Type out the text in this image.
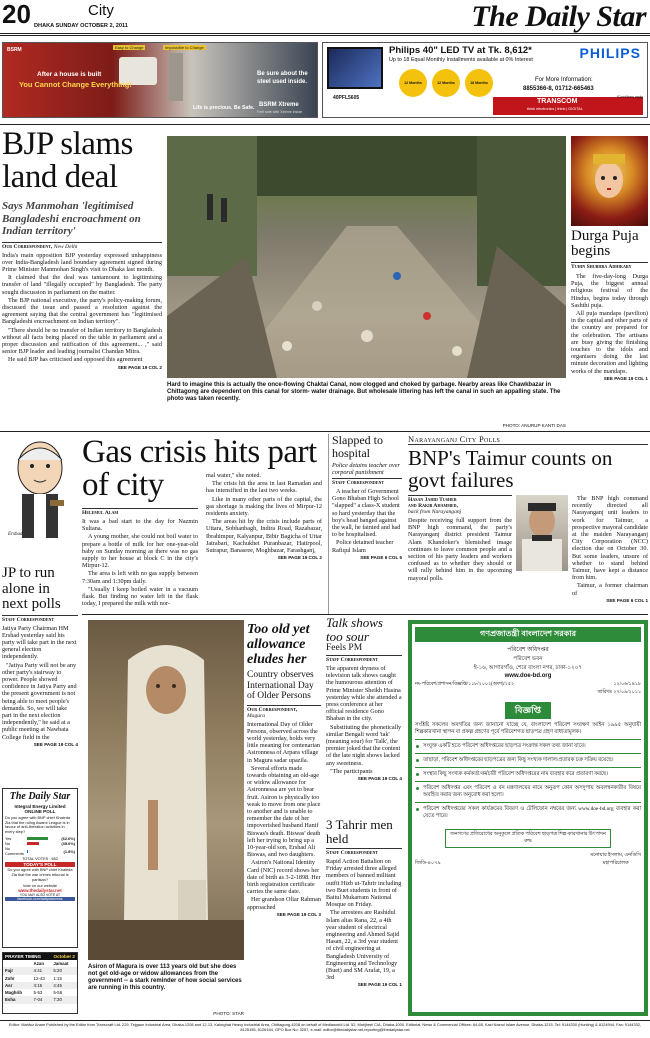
20	City
DHAKA SUNDAY OCTOBER 2, 2011	The Daily Star
BSRM	Easy to Change	Impossible to Change
After a house is built
You Cannot Change Everything!
Be sure about the
steel used inside.
Life is precious. Be Safe. BSRM Xtreme
Feel safe with Xtreme inside
Philips 40" LED TV at Tk. 8,612*
Up to 18 Equal Monthly Installments available at 0% Interest	PHILIPS
40PFL5605
12 Months	12 Months	18 Months	For More Information:
8855366-8, 01712-665463
TRANSCOM
think electronics | think | DIGITAL
*Conditions apply
BJP slams land deal
Says Manmohan 'legitimised Bangladeshi encroachment on Indian territory'
Our Correspondent, New Delhi

India's main opposition BJP yesterday expressed unhappiness over India-Bangladesh land boundary agreement signed during Prime Minister Manmohan Singh's visit to Dhaka last month.

It claimed that the deal was tantamount to legitimising transfer of land "illegally occupied" by Bangladesh. The party sought discussion in parliament on the matter.

The BJP national executive, the party's policy-making forum, discussed the issue and passed a resolution against the agreement saying that the central government has "legitimised Bangladeshi encroachment on Indian territory".

"There should be no transfer of Indian territory to Bangladesh without all facts being placed on the table in parliament and a proper discussion and ratification of this agreement... ," said senior BJP leader and leading journalist Chandan Mitra.

He said BJP has criticised and opposed this agreement

SEE PAGE 19 COL 2
Hard to imagine this is actually the once-flowing Chaktai Canal, now clogged and choked by garbage. Nearby areas like Chawkbazar in Chittagong are dependent on this canal for storm- water drainage. But wholesale littering has left the canal in such an appalling state. The photo was taken recently.
PHOTO: ANURUP KANTI DAS
Durga Puja begins
Tuhin Shubhra Adhikary

The five-day-long Durga Puja, the biggest annual religious festival of the Hindus, begins today through Sashthi puja.

All puja mandaps (pavilion) in the capital and other parts of the country are prepared for the celebration. The artisans are busy giving the finishing touches to the idols and organisers doing the last minute decoration and lighting works of the mandaps.

SEE PAGE 19 COL 1
Ershad
JP to run alone in next polls
Staff Correspondent

Jatiya Party Chairman HM Ershad yesterday said his party will take part in the next general election independently.

"Jatiya Party will not be any other party's stairway to power. People showed confidence in Jatiya Party and the present government is not being able to meet people's demands. So, we will take part in the next election independently," he said at a public meeting at Nawbata College field in the

SEE PAGE 19 COL 4
The Daily Star
Integral Energy Limited
ONLINE POLL
Do you agree with BNP chief Khaleda Zia that the ruling Awami League is in favour of anti-liberation activities in every step?
Yes	(62.6%)
No	(35.6%)
No Comments	(1.8%)
TOTAL VOTES : 652
TODAY'S POLL
Do you agree with BNP chief Khaleda Zia that the war crimes tribunal is partisan?
Vote on our website
www.thedailystar.net
YOU MAY ALSO VOTE AT
facebook.com/dailystarnews
PRAYER TIMING	October 2
	Azan	Jamaat
Fajr	4:41	5:20
Zohr	12-43	1:15
Asr	4:15	4:45
Maghrib	5-53	5-56
Esha	7-04	7:30
Gas crisis hits part of city
Helemul Alam

It was a bad start to the day for Nazmin Sultana.

A young mother, she could not boil water to prepare a bottle of milk for her one-year-old baby on Sunday morning as there was no gas supply to her house at block C in the city's Mirpur-12.

The area is left with no gas supply between 7:30am and 1:30pm daily.

"Usually I keep boiled water in a vacuum flask. But finding no water left in the flask today, I prepared the milk with nor-

mal water," she noted.

The crisis hit the area in last Ramadan and has intensified in the last two weeks.

Like in many other parts of the capital, the gas shortage is making the lives of Mirpur-12 residents anxiety.

The areas hit by the crisis include parts of Uttara, Sobhanbagh, Indira Road, Razabazar, Ibrahimpur, Kalyanpur, Bibir Bagicha of Uttar Jatrabari, Kachukhet Puranbazar, Hatirpool, Sutrapur, Banasree, Moghbazar, Farashganj,

SEE PAGE 19 COL 2
Slapped to hospital
Police detains teacher over corporal punishment
Staff Correspondent

A teacher of Government Gono Bhaban High School "slapped" a class-X student so hard yesterday that the boy's head banged against the wall, he fainted and had to be hospitalised.

Police detained teacher Rafiqul Islam

SEE PAGE 6 COL 5
Narayanganj City Polls
BNP's Taimur counts on govt failures
Hasan Jahid Tusher
and Rakib Ahammed,
back from Narayanganj
Despite receiving full support from the BNP high command, the party's Narayanganj district president Taimur Alam Khandoker's blemished image continues to leave common people and a section of his party leaders and workers confused as to whether they should or will rally behind him in the upcoming mayoral polls.

The BNP high command recently directed all Narayanganj unit leaders to work for Taimur, a prospective mayoral candidate at the maiden Narayanganj City Corporation (NCC) election due on October 30. But some leaders, unsure of whether to stand behind Taimur, have kept a distance from him.

Taimur, a former chairman of

SEE PAGE 6 COL 1
Asiron of Magura is over 113 years old but she does not get old-age or widow allowances from the government -- a stark reminder of how social services are running in this country.
PHOTO: STAR
Too old yet allowance eludes her
Country observes International Day of Older Persons
Our Correspondent,
Magura

International Day of Older Persons, observed across the world yesterday, holds very little meaning for centenarian Asironnesa of Arpara village in Magura sadar upazila.

Several efforts made towards obtaining an old-age or widow allowance for Asironnessa are yet to bear fruit. Asiron is physically too weak to move from one place to another and is unable to remember the date of her impoverished husband Hanif Biswas's death. Biswas' death left her trying to bring up a 10-year-old son, Ershad Ali Biswas, and two daughters.

Asiron's National Identity Card (NIC) record shows her date of birth as 3-2-1898. Her birth registration certificate carries the same date.

Her grandson Oliar Rahman approached

SEE PAGE 19 COL 3
Talk shows too sour
Feels PM
Staff Correspondent

The apparent dryness of television talk shows caught the humourous attention of Prime Minister Sheikh Hasina yesterday while she attended a press conference at her official residence Gono Bhaban in the city.

Substituting the phonetically similar Bengali word 'tak' (meaning sour) for 'Talk', the premier joked that the content of the late night shows lacked any sweetness.

"The participants

SEE PAGE 19 COL 4
3 Tahrir men held
Staff Correspondent

Rapid Action Battalion on Friday arrested three alleged members of banned militant outfit Hizb ut-Tahrir including two Buet students in front of Baitul Mukarram National Mosque on Friday.

The arrestees are Rashidul Islam alias Rana, 22, a 4th year student of electrical engineering and Ahmed Sajid Hasan, 22, a 3rd year student of civil engineering at Bangladesh University of Engineering and Technology (Buet) and SM Arafat, 19, a 3rd

SEE PAGE 19 COL 1
গণপ্রজাতন্ত্রী বাংলাদেশ সরকার
পরিবেশ অধিদপ্তর
পরিবেশ ভবন
ই-১৬, আগারগাঁও, শেরে বাংলা নগর, ঢাকা-১২০৭
www.doe-bd.org
নং-পরিবেশ/প্রশাসন/বিজ্ঞপ্তি/১১৮/২০০২(অংশ)/২৫২	১২/০৬/১৪১৮
তারিখঃ ২৭/০৯/২০১১
বিজ্ঞপ্তি
সংশ্লিষ্ট সকলের অবগতির জন্য জানানো যাচ্ছে যে, বাংলাদেশ পরিবেশ সংরক্ষণ আইন ১৯৯৫ অনুযায়ী শিল্পকারখানা স্থাপন বা প্রকল্প গ্রহণের পূর্বে পরিবেশগত ছাড়পত্র গ্রহণ বাধ্যতামূলক।
সংযুক্ত একটি হতে পরিবেশ অধিদপ্তরের ছাড়পত্র সংক্রান্ত সকল তথ্য জানা যাবে।
তাছাড়া, পরিবেশ অধিদপ্তরের ছাড়পত্রের জন্য কিছু সংখ্যক দালাল/প্রতারক চক্র সক্রিয় রয়েছে।
সংস্থার কিছু সংখ্যক কর্মকর্তা/কর্মচারী পরিবেশ অধিদপ্তরের নাম ব্যবহার করে প্রতারণা করছে।
পরিবেশ অধিদপ্তর এবং পরিবেশ ও বন মন্ত্রণালয়ের নামে অনুরূপ কোন অসদুপায় অবলম্বনকারীর বিষয়ে অবহিত করার জন্য অনুরোধ করা হলো।
পরিবেশ অধিদপ্তরের সকল কার্যক্রমের বিবরণ ও টেলিফোন নম্বরের জন্য www.doe-bd.org ব্যবহার করা যেতে পারে।
জনগণের প্রতিরোধের অনুকূলে প্রতিক পরিবেশ ছাড়পত্র শিল্প-কারখানার উৎপাদন রুদ্ধ
জিডি-৪০৭৯
মনোয়ার ইসলাম, এনডিসি
মহাপরিচালক
Editor: Mahfuz Anam Published by the Editor from Transcraft Ltd. 229, Tejgaon Industrial Area, Dhaka-1208 and 12-13, Kalurghat Heavy Industrial Area, Chittagong-4208 on behalf of Mediaworld Ltd. 52, Motijheel C/A, Dhaka-1000. Editorial, News & Commercial Offices: 64-65, Kazi Nazrul Islam Avenue, Dhaka-1215, Tel: 9144330 (Hunting) & 8124944, Fax: 9144332, 8125155, 8126154, GPO Box No: 3257, e-mail: editor@thedailystar.net,reporting@thedailystar.net
